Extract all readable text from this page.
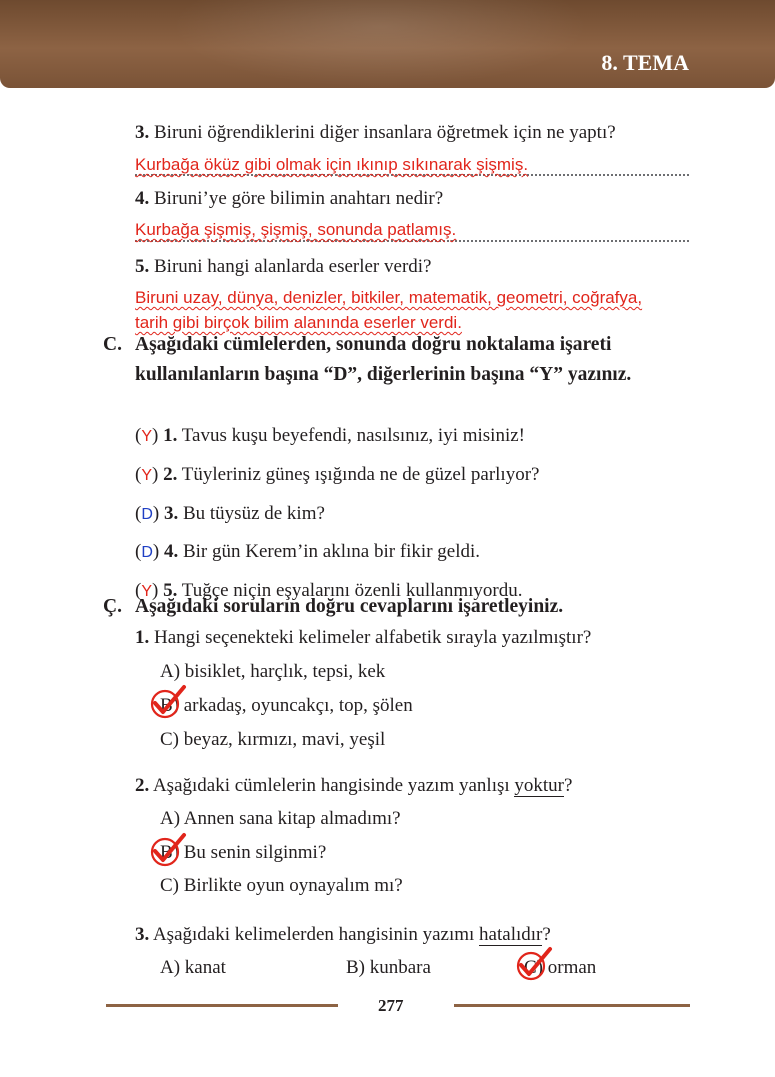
8. TEMA
3. Biruni öğrendiklerini diğer insanlara öğretmek için ne yaptı?
Kurbağa öküz gibi olmak için ıkınıp sıkınarak şişmiş.
4. Biruni’ye göre bilimin anahtarı nedir?
Kurbağa şişmiş, şişmiş, sonunda patlamış.
5. Biruni hangi alanlarda eserler verdi?
Biruni uzay, dünya, denizler, bitkiler, matematik, geometri, coğrafya,
tarih gibi birçok bilim alanında eserler verdi.
C. Aşağıdaki cümlelerden, sonunda doğru noktalama işareti
kullanılanların başına “D”, diğerlerinin başına “Y” yazınız.
(Y) 1. Tavus kuşu beyefendi, nasılsınız, iyi misiniz!
(Y) 2. Tüyleriniz güneş ışığında ne de güzel parlıyor?
(D) 3. Bu tüysüz de kim?
(D) 4. Bir gün Kerem’in aklına bir fikir geldi.
(Y) 5. Tuğçe niçin eşyalarını özenli kullanmıyordu.
Ç. Aşağıdaki soruların doğru cevaplarını işaretleyiniz.
1. Hangi seçenekteki kelimeler alfabetik sırayla yazılmıştır?
A) bisiklet, harçlık, tepsi, kek
B) arkadaş, oyuncakçı, top, şölen
C) beyaz, kırmızı, mavi, yeşil
2. Aşağıdaki cümlelerin hangisinde yazım yanlışı yoktur?
A) Annen sana kitap almadımı?
B) Bu senin silginmi?
C) Birlikte oyun oynayalım mı?
3. Aşağıdaki kelimelerden hangisinin yazımı hatalıdır?
A) kanat	B) kunbara	C) orman
277
